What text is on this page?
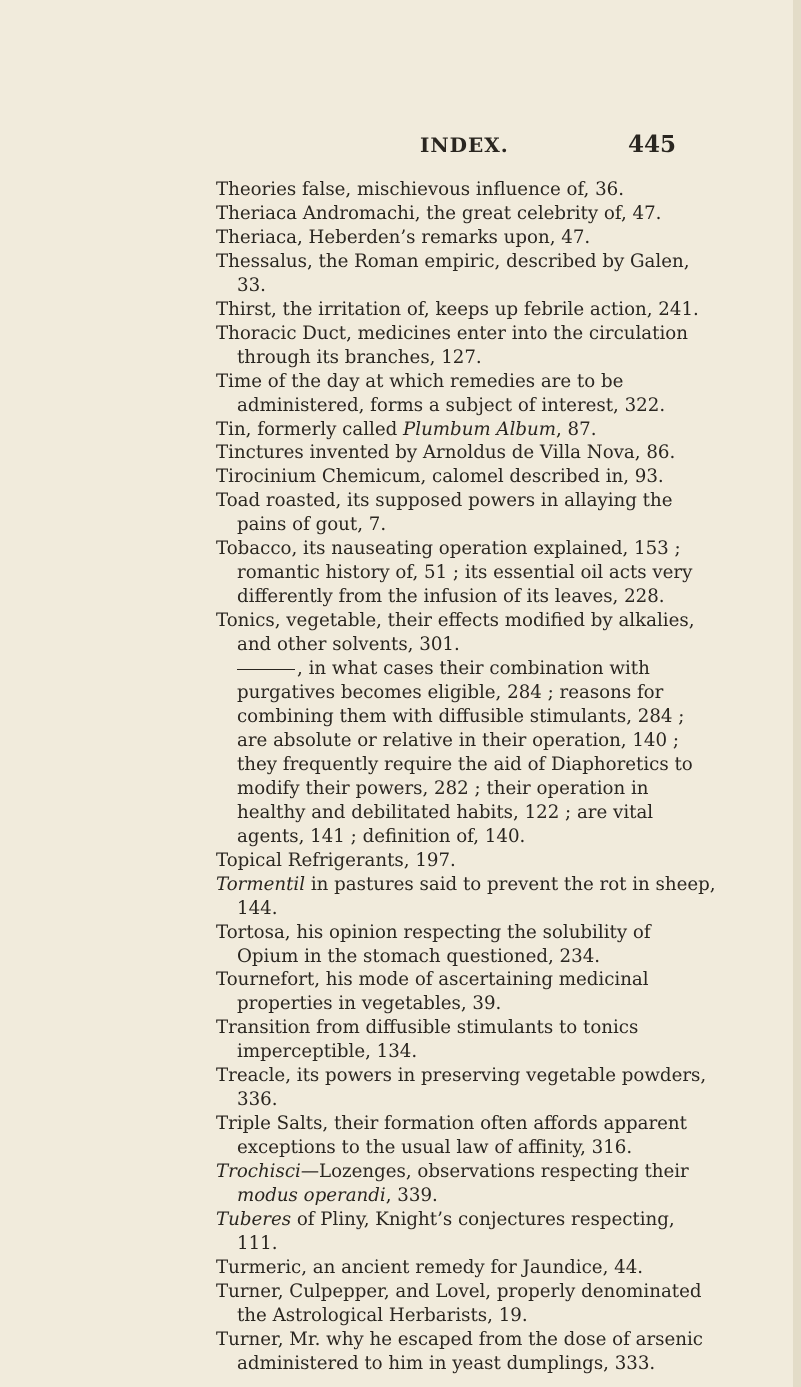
INDEX.	445

Theories false, mischievous influence of, 36.

Theriaca Andromachi, the great celebrity of, 47.

Theriaca, Heberden’s remarks upon, 47.

Thessalus, the Roman empiric, described by Galen, 33.

Thirst, the irritation of, keeps up febrile action, 241.

Thoracic Duct, medicines enter into the circulation through its branches, 127.

Time of the day at which remedies are to be administered, forms a subject of interest, 322.

Tin, formerly called Plumbum Album, 87.

Tinctures invented by Arnoldus de Villa Nova, 86.

Tirocinium Chemicum, calomel described in, 93.

Toad roasted, its supposed powers in allaying the pains of gout, 7.

Tobacco, its nauseating operation explained, 153 ; romantic history of, 51 ; its essential oil acts very differently from the infusion of its leaves, 228.

Tonics, vegetable, their effects modified by alkalies, and other solvents, 301.

, in what cases their combination with purgatives becomes eligible, 284 ; reasons for combining them with diffusible stimulants, 284 ; are absolute or relative in their operation, 140 ; they frequently require the aid of Diaphoretics to modify their powers, 282 ; their operation in healthy and debilitated habits, 122 ; are vital agents, 141 ; definition of, 140.

Topical Refrigerants, 197.

Tormentil in pastures said to prevent the rot in sheep, 144.

Tortosa, his opinion respecting the solubility of Opium in the stomach questioned, 234.

Tournefort, his mode of ascertaining medicinal properties in vegetables, 39.

Transition from diffusible stimulants to tonics imperceptible, 134.

Treacle, its powers in preserving vegetable powders, 336.

Triple Salts, their formation often affords apparent exceptions to the usual law of affinity, 316.

Trochisci—Lozenges, observations respecting their modus operandi, 339.

Tuberes of Pliny, Knight’s conjectures respecting, 111.

Turmeric, an ancient remedy for Jaundice, 44.

Turner, Culpepper, and Lovel, properly denominated the Astrological Herbarists, 19.

Turner, Mr. why he escaped from the dose of arsenic administered to him in yeast dumplings, 333.
